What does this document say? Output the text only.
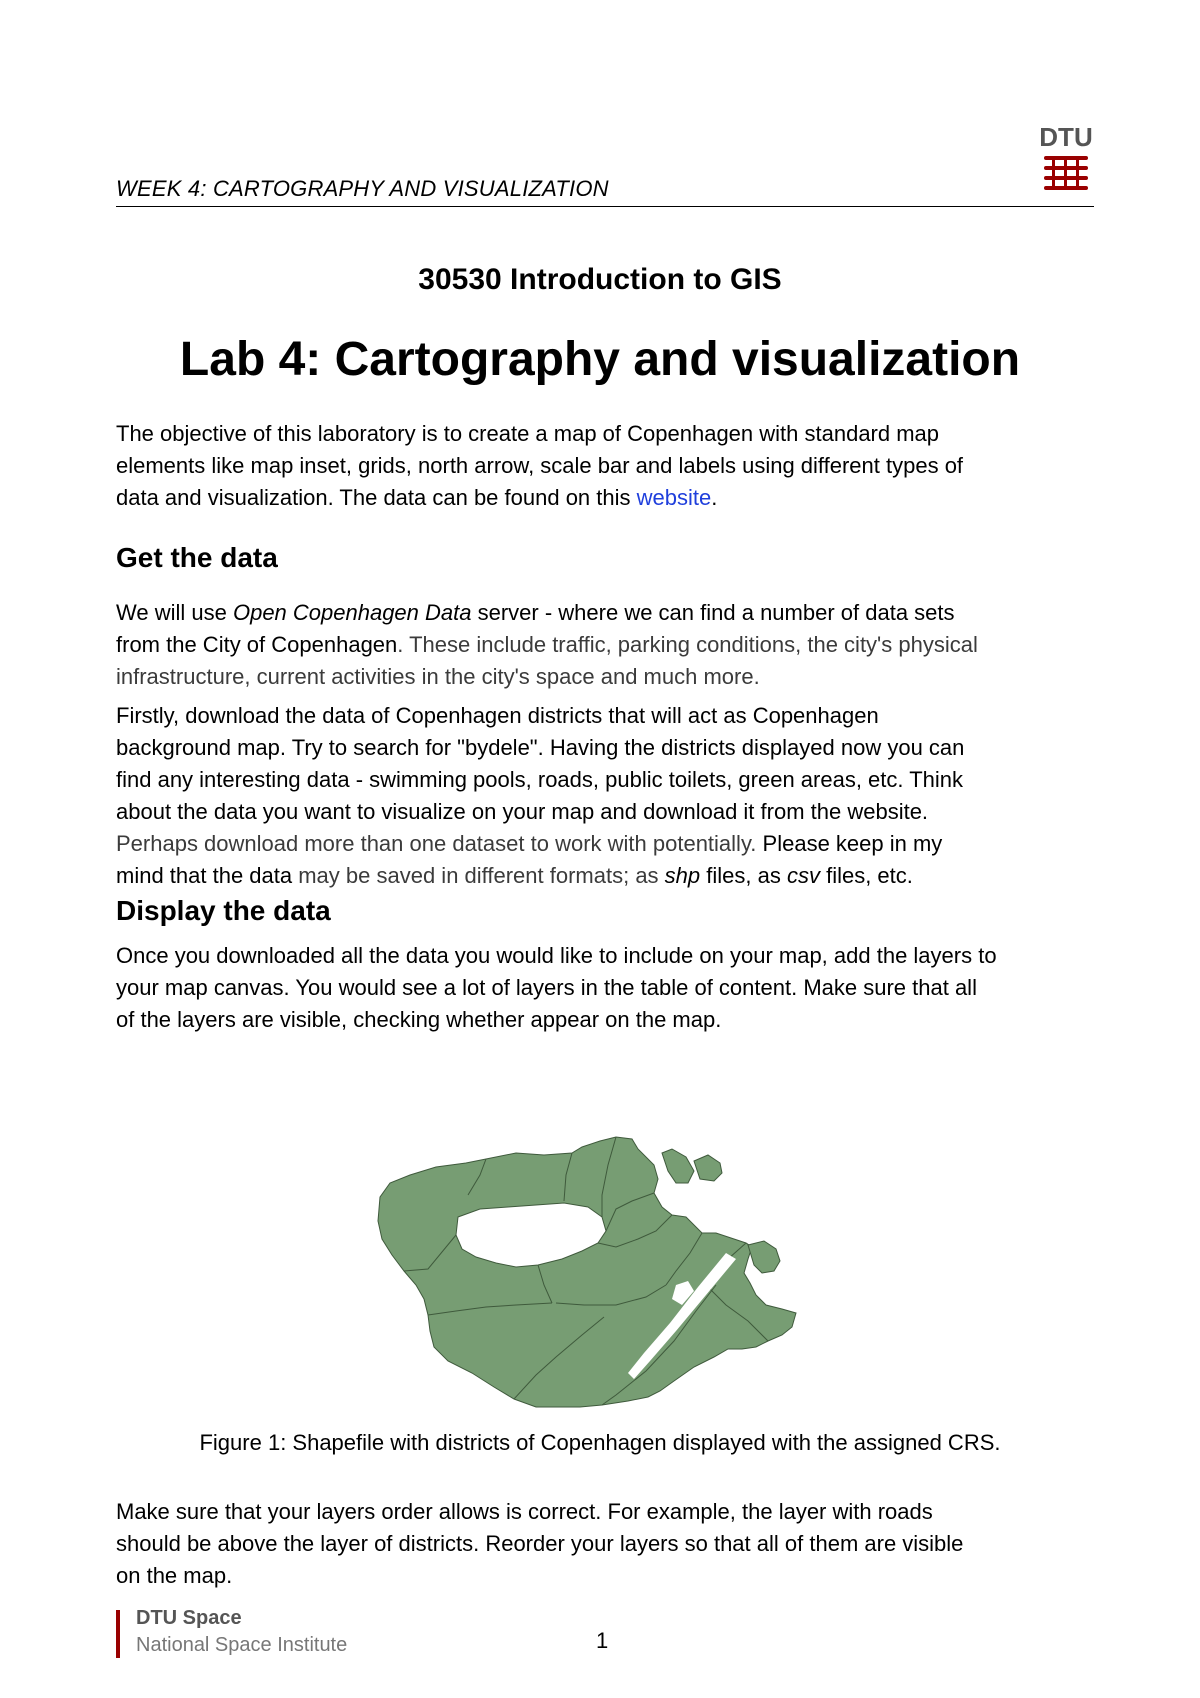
WEEK 4: CARTOGRAPHY AND VISUALIZATION
DTU
30530 Introduction to GIS
Lab 4: Cartography and visualization
The objective of this laboratory is to create a map of Copenhagen with standard map
elements like map inset, grids, north arrow, scale bar and labels using different types of
data and visualization. The data can be found on this website.
Get the data
We will use Open Copenhagen Data server - where we can find a number of data sets
from the City of Copenhagen. These include traffic, parking conditions, the city's physical
infrastructure, current activities in the city's space and much more.
Firstly, download the data of Copenhagen districts that will act as Copenhagen
background map. Try to search for "bydele". Having the districts displayed now you can
find any interesting data - swimming pools, roads, public toilets, green areas, etc. Think
about the data you want to visualize on your map and download it from the website.
Perhaps download more than one dataset to work with potentially. Please keep in my
mind that the data may be saved in different formats; as shp files, as csv files, etc.
Display the data
Once you downloaded all the data you would like to include on your map, add the layers to
your map canvas. You would see a lot of layers in the table of content. Make sure that all
of the layers are visible, checking whether appear on the map.
Figure 1: Shapefile with districts of Copenhagen displayed with the assigned CRS.
Make sure that your layers order allows is correct. For example, the layer with roads
should be above the layer of districts. Reorder your layers so that all of them are visible
on the map.
DTU Space
National Space Institute	1
